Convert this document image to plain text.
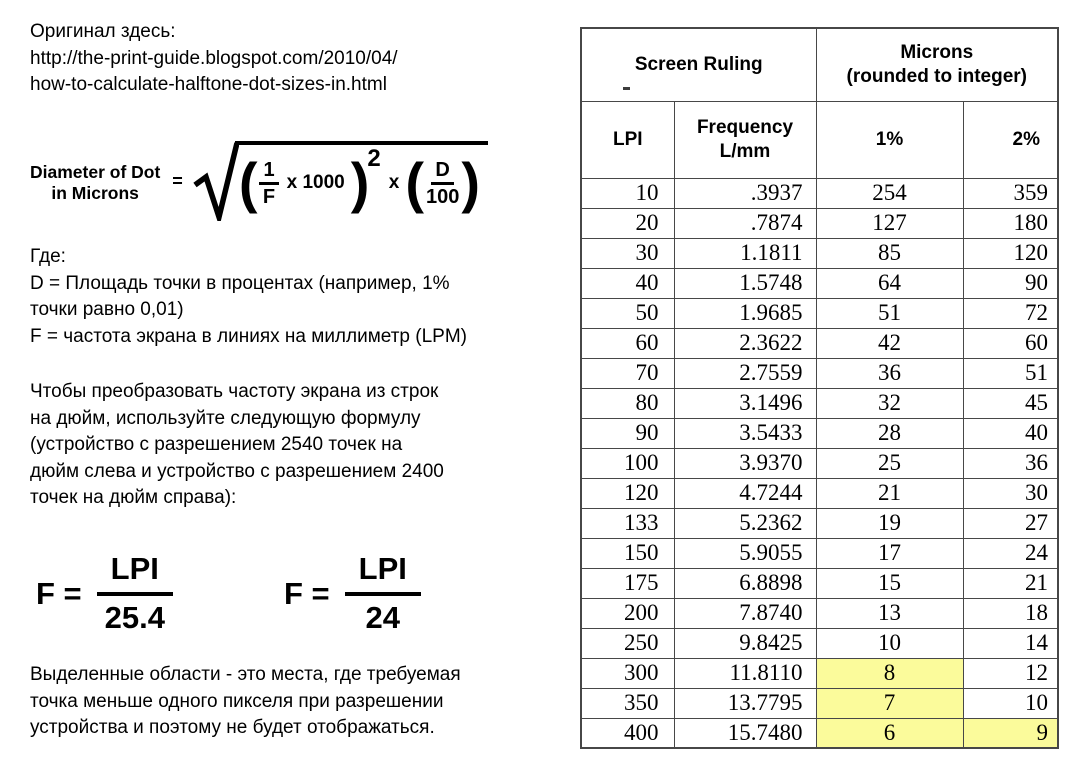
Оригинал здесь:
http://the-print-guide.blogspot.com/2010/04/
how-to-calculate-halftone-dot-sizes-in.html
Diameter of Dot
in Microns
= ( $\frac{1}{F}$ x 1000 )
2
x ( $\frac{D}{100}$ )
Где:
D = Площадь точки в процентах (например, 1%
точки равно 0,01)
F = частота экрана в линиях на миллиметр (LPM)
Чтобы преобразовать частоту экрана из строк
на дюйм, используйте следующую формулу
(устройство с разрешением 2540 точек на
дюйм слева и устройство с разрешением 2400
точек на дюйм справа):
$F = \frac{\text{LPI}}{25.4}$	$F = \frac{\text{LPI}}{24}$
Выделенные области - это места, где требуемая
точка меньше одного пикселя при разрешении
устройства и поэтому не будет отображаться.
Screen Ruling		Microns
(rounded to integer)	

LPI	Frequency
L/mm	1%	2%
10	.3937	254	359
20	.7874	127	180
30	1.1811	85	120
40	1.5748	64	90
50	1.9685	51	72
60	2.3622	42	60
70	2.7559	36	51
80	3.1496	32	45
90	3.5433	28	40
100	3.9370	25	36
120	4.7244	21	30
133	5.2362	19	27
150	5.9055	17	24
175	6.8898	15	21
200	7.8740	13	18
250	9.8425	10	14
300	11.8110	8	12
350	13.7795	7	10
400	15.7480	6	9
